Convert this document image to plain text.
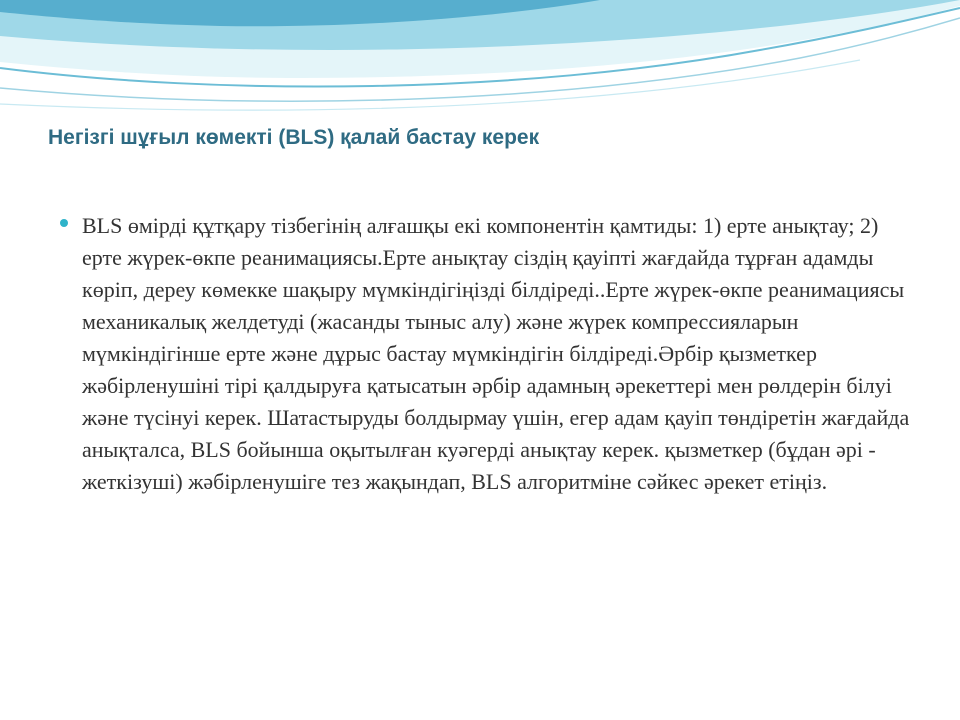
Негізгі шұғыл көмекті (BLS) қалай бастау керек

BLS өмірді құтқару тізбегінің алғашқы екі компонентін қамтиды: 1) ерте анықтау; 2) ерте жүрек-өкпе реанимациясы.Ерте анықтау сіздің қауіпті жағдайда тұрған адамды көріп, дереу көмекке шақыру мүмкіндігіңізді білдіреді..Ерте жүрек-өкпе реанимациясы механикалық желдетуді (жасанды тыныс алу) және жүрек компрессияларын мүмкіндігінше ерте және дұрыс бастау мүмкіндігін білдіреді.Әрбір қызметкер жәбірленушіні тірі қалдыруға қатысатын әрбір адамның әрекеттері мен рөлдерін білуі және түсінуі керек. Шатастыруды болдырмау үшін, егер адам қауіп төндіретін жағдайда анықталса, BLS бойынша оқытылған куәгерді анықтау керек. қызметкер (бұдан әрі - жеткізуші) жәбірленушіге тез жақындап, BLS алгоритміне сәйкес әрекет етіңіз.
